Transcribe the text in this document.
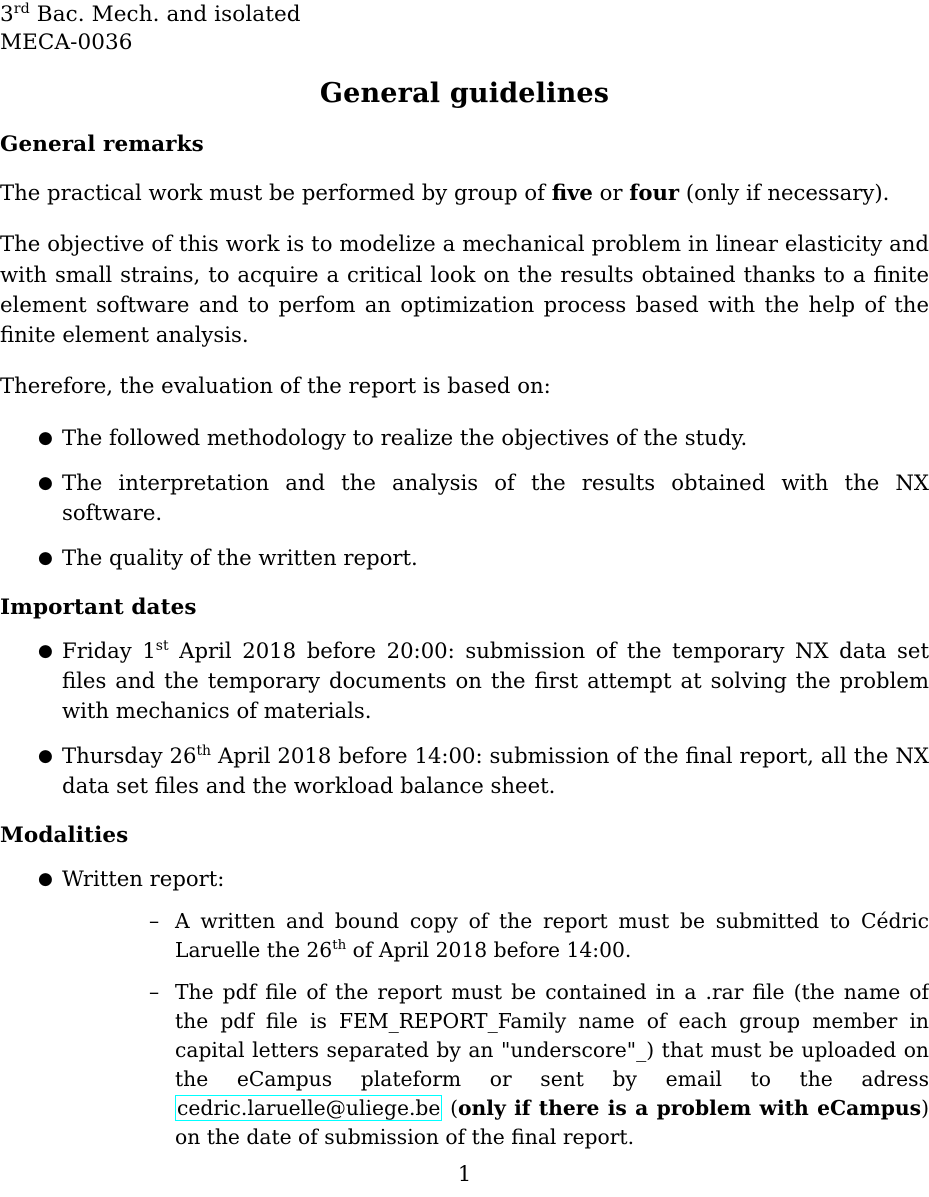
3rd Bac. Mech. and isolated
MECA-0036
General guidelines
General remarks

The practical work must be performed by group of five or four (only if necessary).

The objective of this work is to modelize a mechanical problem in linear elasticity and with small strains, to acquire a critical look on the results obtained thanks to a finite element software and to perfom an optimization process based with the help of the finite element analysis.

Therefore, the evaluation of the report is based on:

● The followed methodology to realize the objectives of the study.
● The interpretation and the analysis of the results obtained with the NX software.
● The quality of the written report.
Important dates
● Friday 1st April 2018 before 20:00: submission of the temporary NX data set files and the temporary documents on the first attempt at solving the problem with mechanics of materials.
● Thursday 26th April 2018 before 14:00: submission of the final report, all the NX data set files and the workload balance sheet.
Modalities
● Written report:

– A written and bound copy of the report must be submitted to Cédric Laruelle the 26th of April 2018 before 14:00.
– The pdf file of the report must be contained in a .rar file (the name of the pdf file is FEM_REPORT_Family name of each group member in capital letters separated by an "underscore"_) that must be uploaded on the eCampus plateform or sent by email to the adress cedric.laruelle@uliege.be (only if there is a problem with eCampus) on the date of submission of the final report.
1
